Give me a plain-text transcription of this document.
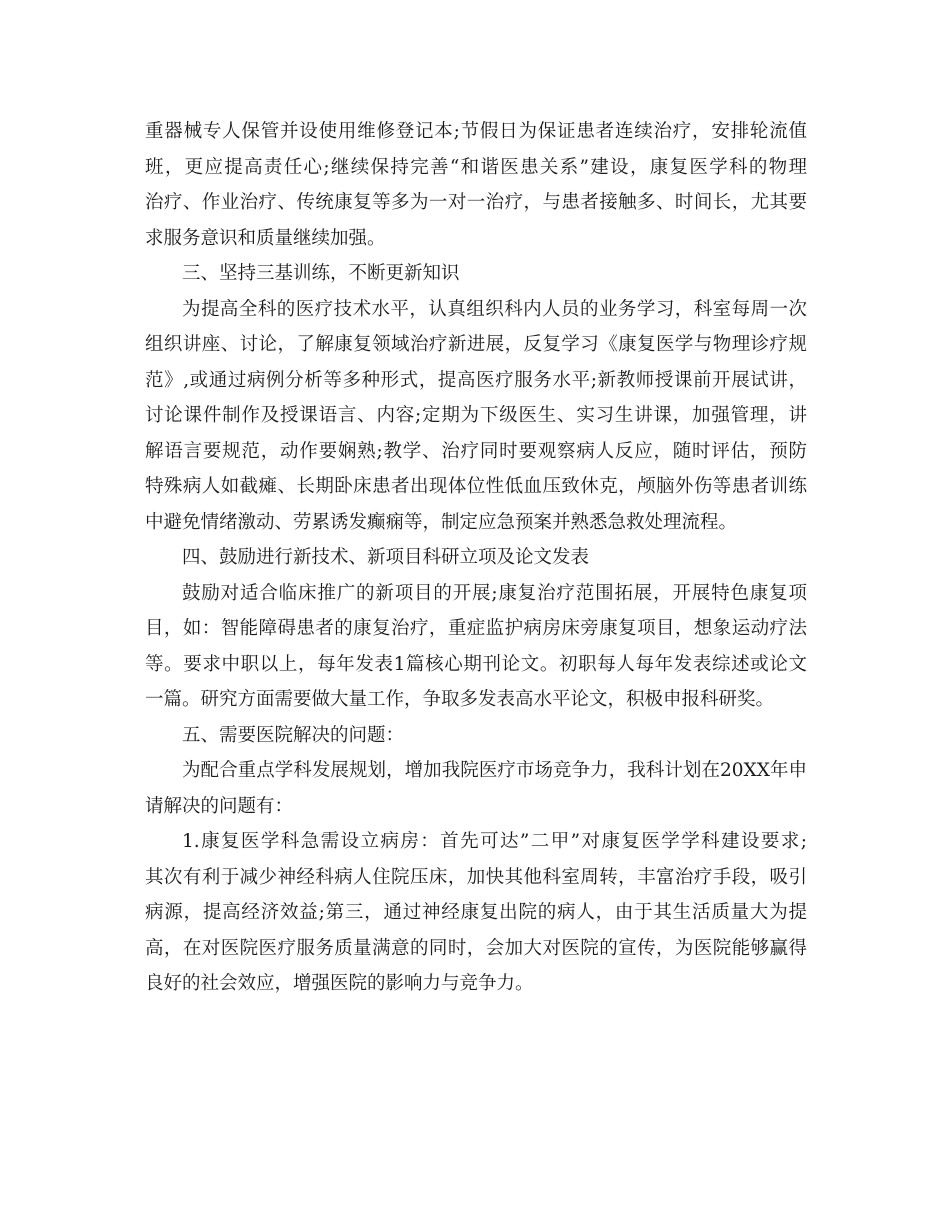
重器械专人保管并设使用维修登记本;节假日为保证患者连续治疗，安排轮流值
班，更应提高责任心;继续保持完善“和谐医患关系”建设，康复医学科的物理
治疗、作业治疗、传统康复等多为一对一治疗，与患者接触多、时间长，尤其要
求服务意识和质量继续加强。
三、坚持三基训练，不断更新知识
为提高全科的医疗技术水平，认真组织科内人员的业务学习，科室每周一次
组织讲座、讨论，了解康复领域治疗新进展，反复学习《康复医学与物理诊疗规
范》,或通过病例分析等多种形式，提高医疗服务水平;新教师授课前开展试讲，
讨论课件制作及授课语言、内容;定期为下级医生、实习生讲课，加强管理，讲
解语言要规范，动作要娴熟;教学、治疗同时要观察病人反应，随时评估，预防
特殊病人如截瘫、长期卧床患者出现体位性低血压致休克，颅脑外伤等患者训练
中避免情绪激动、劳累诱发癫痫等，制定应急预案并熟悉急救处理流程。
四、鼓励进行新技术、新项目科研立项及论文发表
鼓励对适合临床推广的新项目的开展;康复治疗范围拓展，开展特色康复项
目，如：智能障碍患者的康复治疗，重症监护病房床旁康复项目，想象运动疗法
等。要求中职以上，每年发表1篇核心期刊论文。初职每人每年发表综述或论文
一篇。研究方面需要做大量工作，争取多发表高水平论文，积极申报科研奖。
五、需要医院解决的问题：
为配合重点学科发展规划，增加我院医疗市场竞争力，我科计划在20XX年申
请解决的问题有：
1.康复医学科急需设立病房：首先可达”二甲”对康复医学学科建设要求;
其次有利于减少神经科病人住院压床，加快其他科室周转，丰富治疗手段，吸引
病源，提高经济效益;第三，通过神经康复出院的病人，由于其生活质量大为提
高，在对医院医疗服务质量满意的同时，会加大对医院的宣传，为医院能够赢得
良好的社会效应，增强医院的影响力与竞争力。
